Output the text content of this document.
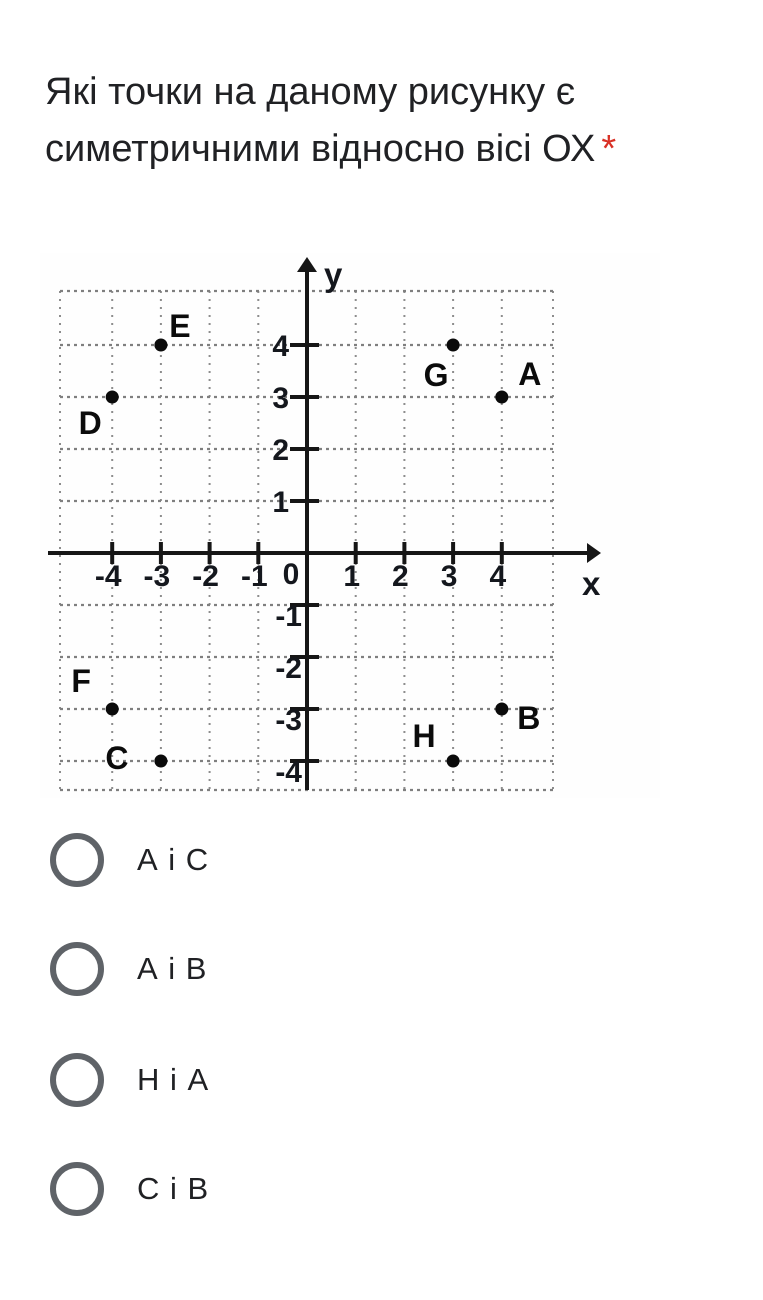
Які точки на даному рисунку є симетричними відносно вісі ОХ *
y
x
-4 -3 -2 -1 0 1 2 3 4
4
3
2
1
-1
-2
-3
-4
A
B
C
D
E
F
G
H
А і С
А і В
Н і А
С і В
